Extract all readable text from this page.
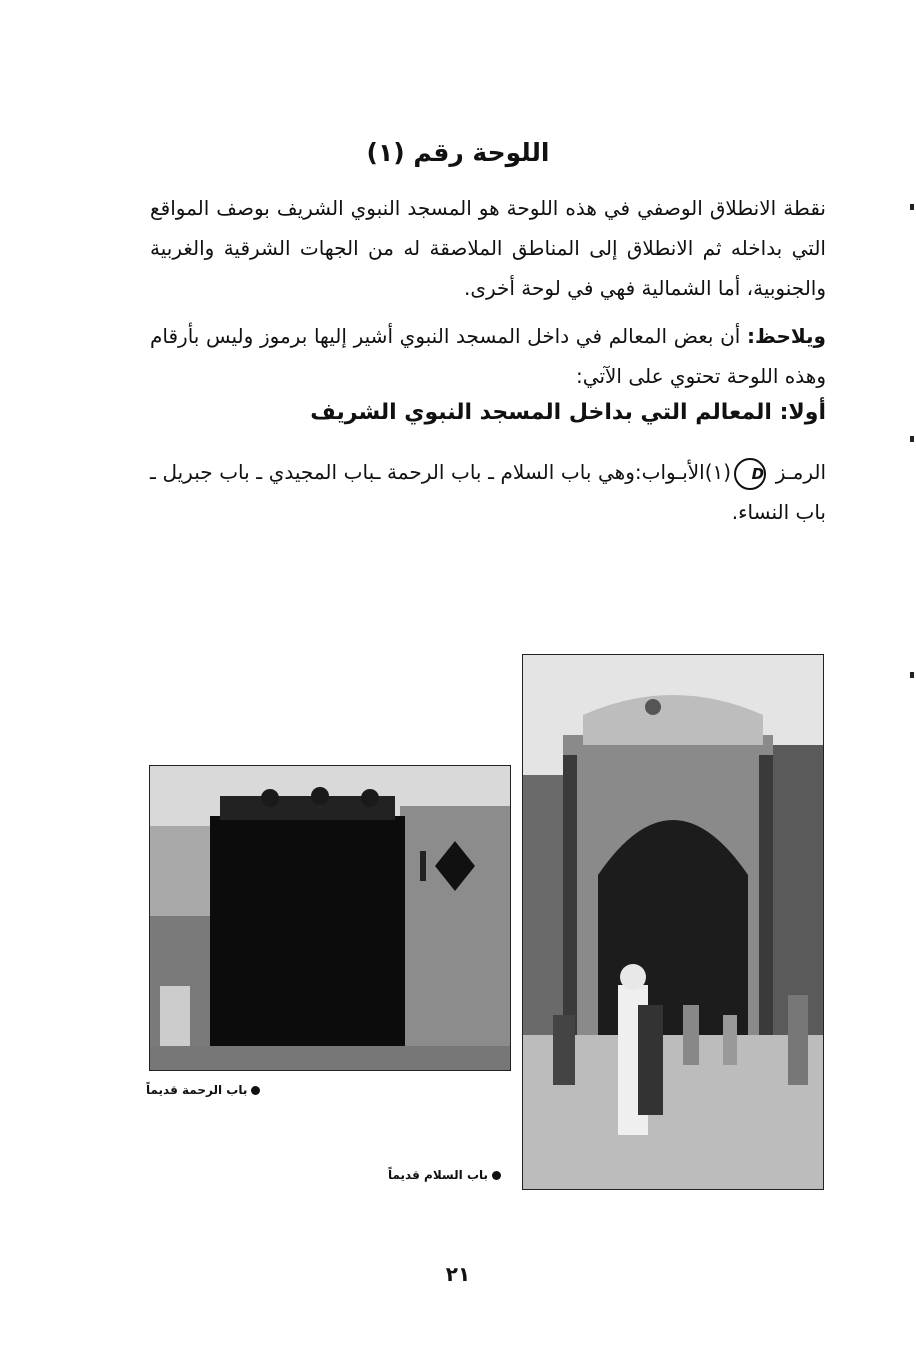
اللوحة رقم (١)
نقطة الانطلاق الوصفي في هذه اللوحة هو المسجد النبوي الشريف بوصف المواقع التي بداخله ثم الانطلاق إلى المناطق الملاصقة له من الجهات الشرقية والغربية والجنوبية، أما الشمالية فهي في لوحة أخرى.
ويلاحظ: أن بعض المعالم في داخل المسجد النبوي أشير إليها برموز وليس بأرقام وهذه اللوحة تحتوي على الآتي:
أولا: المعالم التي بداخل المسجد النبوي الشريف
الرمـز D(١)الأبـواب:وهي باب السلام ـ باب الرحمة ـباب المجيدي ـ باب جبريل ـ باب النساء.
باب الرحمة قديماً
باب السلام قديماً
٢١
